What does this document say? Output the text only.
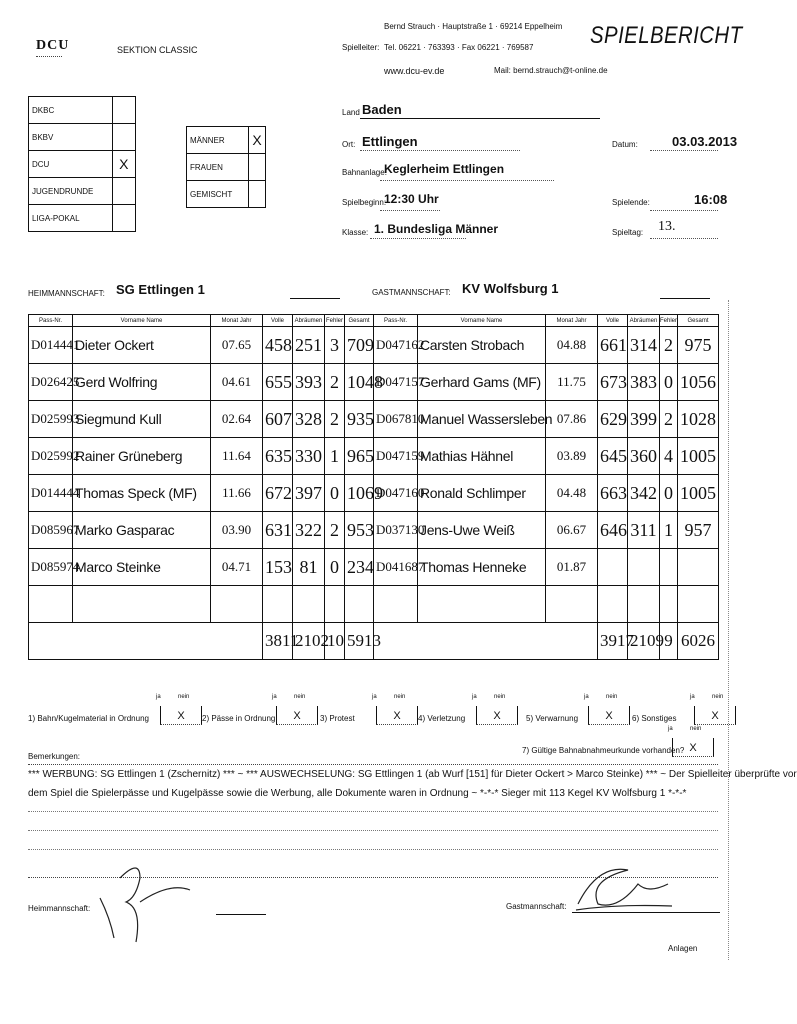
DCU	SEKTION CLASSIC
Bernd Strauch · Hauptstraße 1 · 69214 Eppelheim
Spielleiter: Tel. 06221 · 763393 · Fax 06221 · 769587
www.dcu-ev.de	Mail: bernd.strauch@t-online.de
SPIELBERICHT
DKBC	
BKBV	
DCU	X
JUGENDRUNDE	
LIGA-POKAL	
MÄNNER	X
FRAUEN	
GEMISCHT	
Land Baden
Ort: Ettlingen	Datum:	03.03.2013
Bahnanlage:
Keglerheim Ettlingen
Spielbeginn:
12:30 Uhr	Spielende:	16:08
Klasse: 1. Bundesliga Männer	Spieltag: 13.
HEIMMANNSCHAFT: SG Ettlingen 1	GASTMANNSCHAFT: KV Wolfsburg 1
Pass-Nr.	Vorname Name	Monat Jahr	Volle	Abräumen	Fehler	Gesamt	Pass-Nr.	Vorname Name	Monat Jahr	Volle	Abräumen	Fehler	Gesamt
D014441	Dieter Ockert	07.65	458	251	3	709	D047162	Carsten Strobach	04.88	661	314	2	975
D026425	Gerd Wolfring	04.61	655	393	2	1048	D047157	Gerhard Gams (MF)	11.75	673	383	0	1056
D025993	Siegmund Kull	02.64	607	328	2	935	D067810	Manuel Wassersleben	07.86	629	399	2	1028
D025992	Rainer Grüneberg	11.64	635	330	1	965	D047159	Mathias Hähnel	03.89	645	360	4	1005
D014444	Thomas Speck (MF)	11.66	672	397	0	1069	D047160	Ronald Schlimper	04.48	663	342	0	1005
D085967	Marko Gasparac	03.90	631	322	2	953	D037130	Jens-Uwe Weiß	06.67	646	311	1	957
D085974	Marco Steinke	04.71	153	81	0	234	D041687	Thomas Henneke	01.87				

			3811	2102	10	5913				3917	2109	9	6026
1) Bahn/Kugelmaterial in Ordnung
ja	nein
X	2) Pässe in Ordnung
ja	nein
X	3) Protest
ja	nein
X	4) Verletzung
ja	nein
X	5) Verwarnung
ja	nein
X	6) Sonstiges
ja	nein
X
7) Gültige Bahnabnahmeurkunde vorhanden?
ja	nein
X
Bemerkungen:
*** WERBUNG: SG Ettlingen 1 (Zschernitz) *** ~ *** AUSWECHSELUNG: SG Ettlingen 1 (ab Wurf [151] für Dieter Ockert > Marco Steinke) *** ~ Der Spielleiter überprüfte vor
dem Spiel die Spielerpässe und Kugelpässe sowie die Werbung, alle Dokumente waren in Ordnung ~ *-*-* Sieger mit 113 Kegel KV Wolfsburg 1 *-*-*
Heimmannschaft:	Gastmannschaft:
Anlagen
